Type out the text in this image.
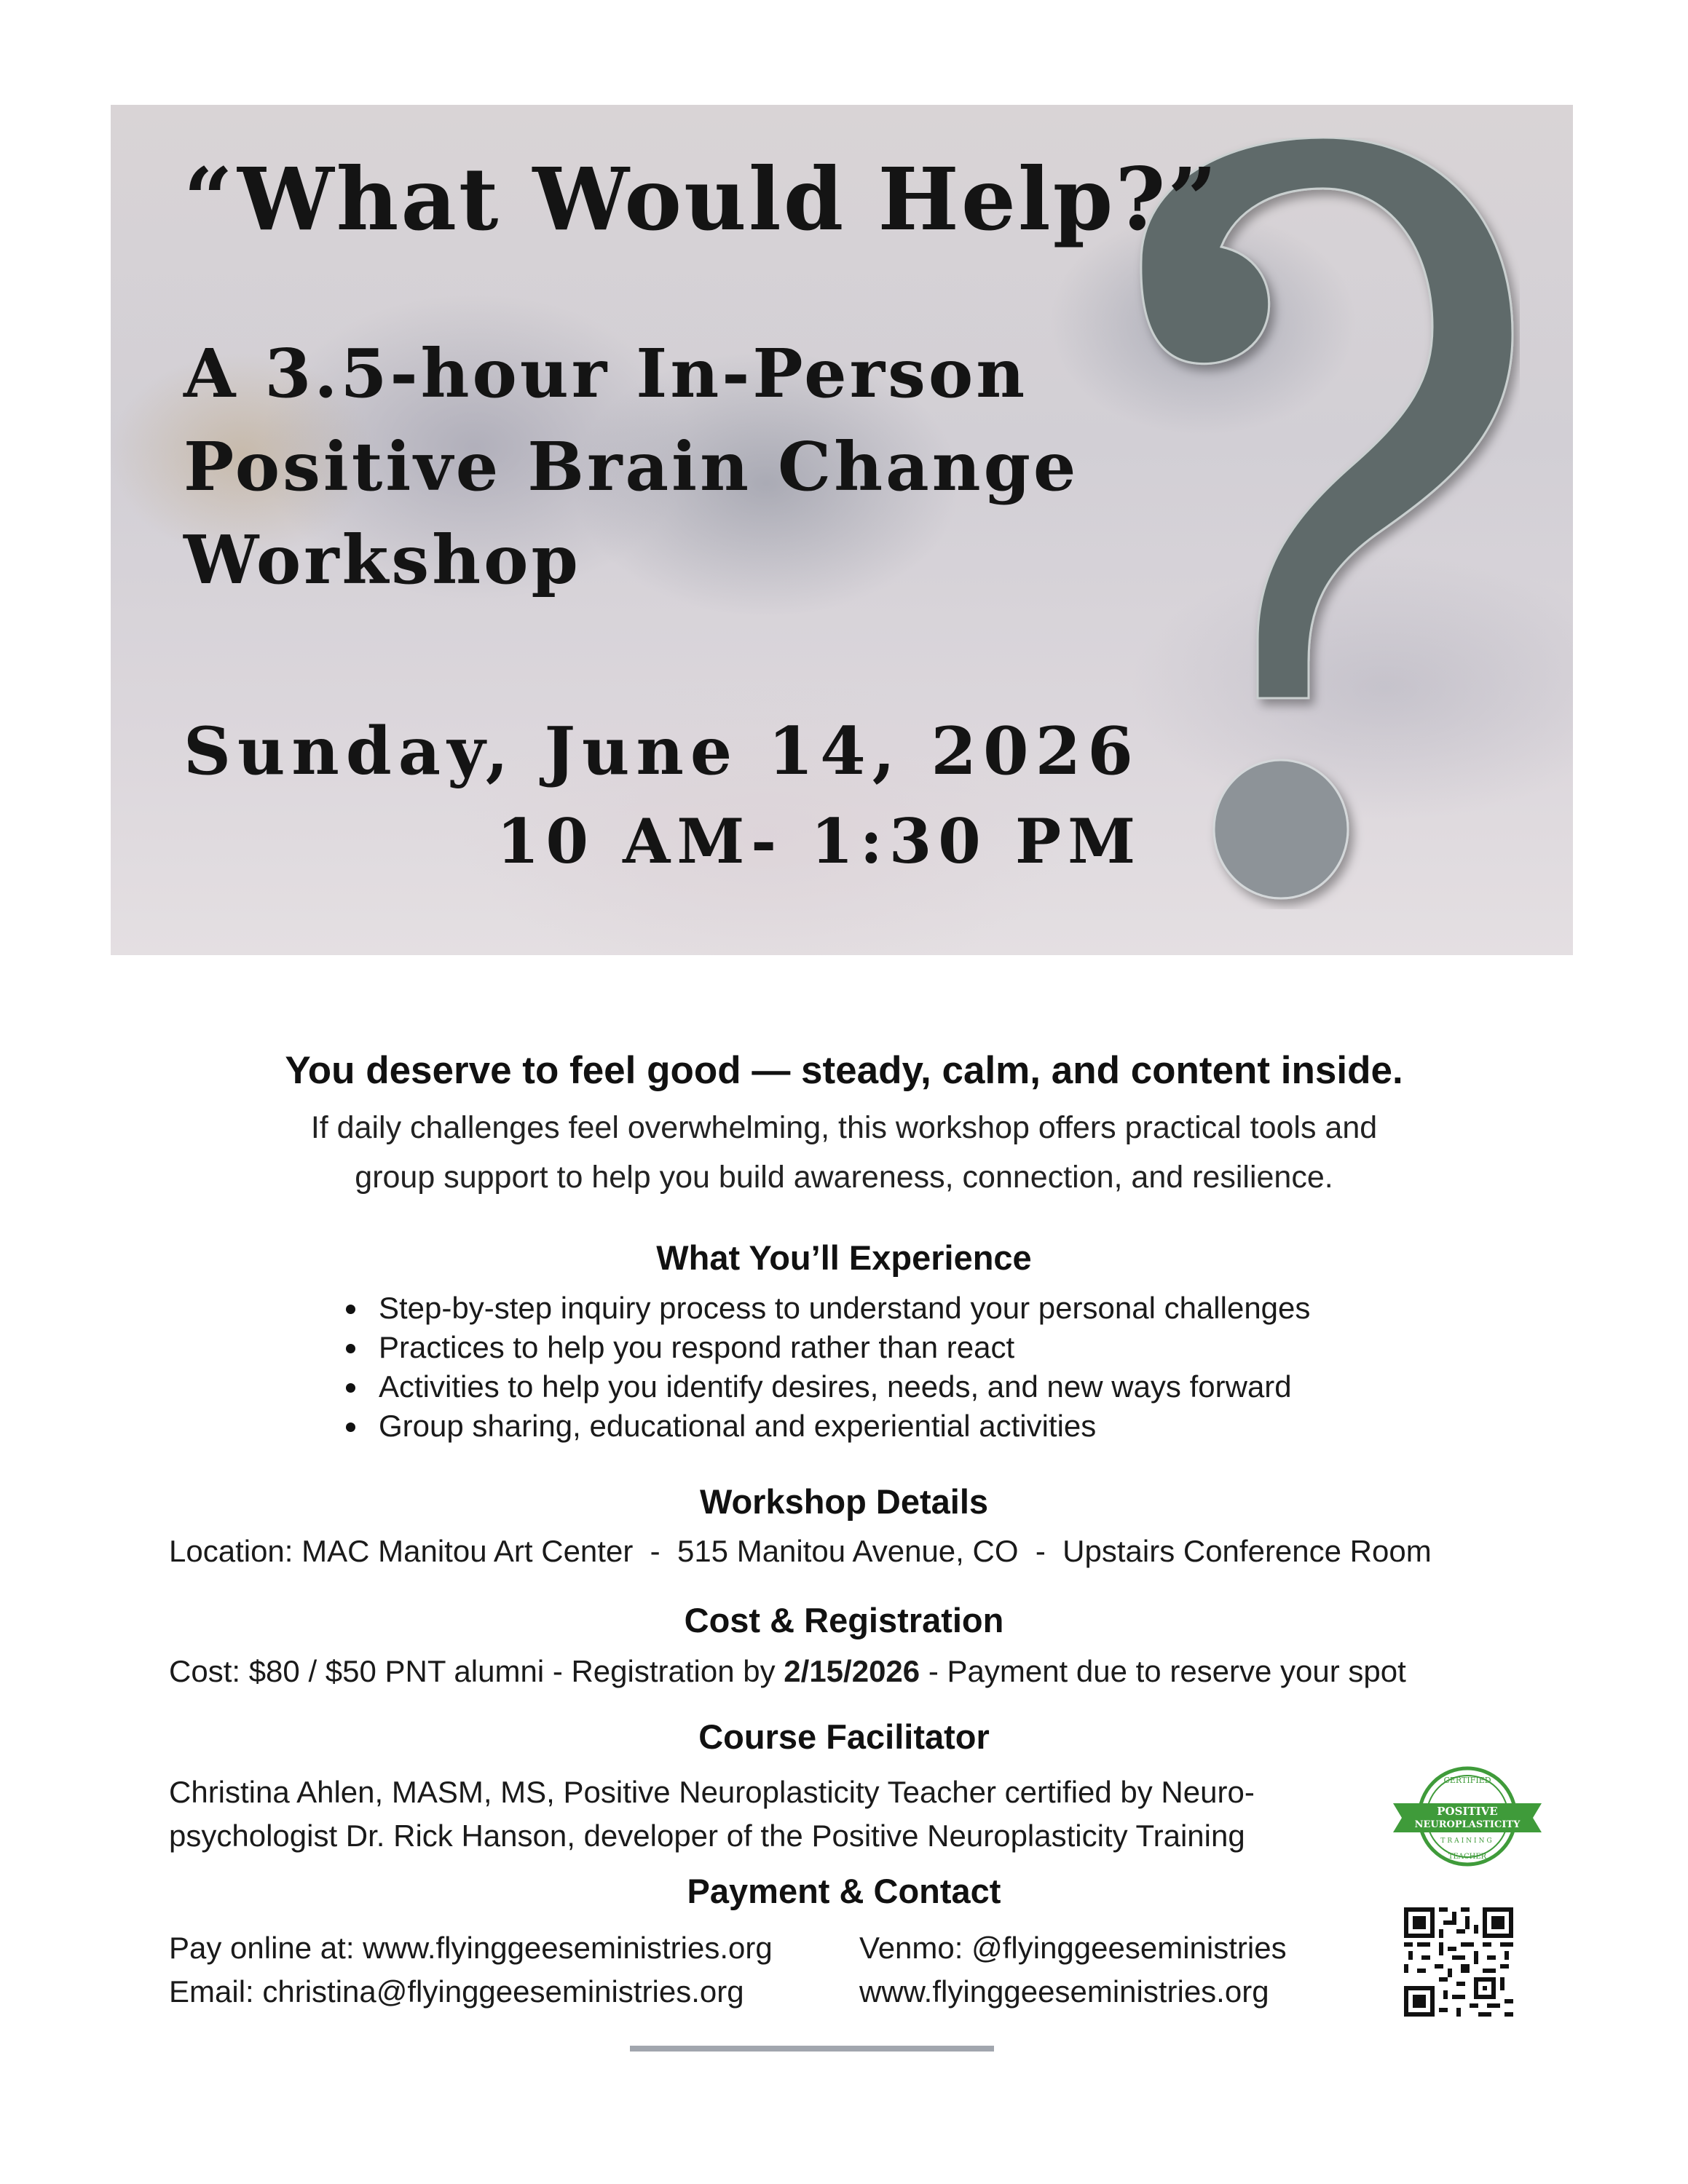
“What Would Help?”
A 3.5-hour In-Person Positive Brain Change Workshop

Sunday, June 14, 2026

10 AM- 1:30 PM

You deserve to feel good — steady, calm, and content inside.

If daily challenges feel overwhelming, this workshop offers practical tools and
group support to help you build awareness, connection, and resilience.

What You’ll Experience
Step-by-step inquiry process to understand your personal challenges
Practices to help you respond rather than react
Activities to help you identify desires, needs, and new ways forward
Group sharing, educational and experiential activities
Workshop Details

Location: MAC Manitou Art Center  -  515 Manitou Avenue, CO  -  Upstairs Conference Room

Cost & Registration

Cost: $80 / $50 PNT alumni - Registration by 2/15/2026 - Payment due to reserve your spot

Course Facilitator

Christina Ahlen, MASM, MS, Positive Neuroplasticity Teacher certified by Neuro-psychologist Dr. Rick Hanson, developer of the Positive Neuroplasticity Training

CERTIFIED
POSITIVE
NEUROPLASTICITY
TRAINING
TEACHER
Payment & Contact

Pay online at: www.flyinggeeseministries.org
Email: christina@flyinggeeseministries.org

Venmo: @flyinggeeseministries
www.flyinggeeseministries.org
